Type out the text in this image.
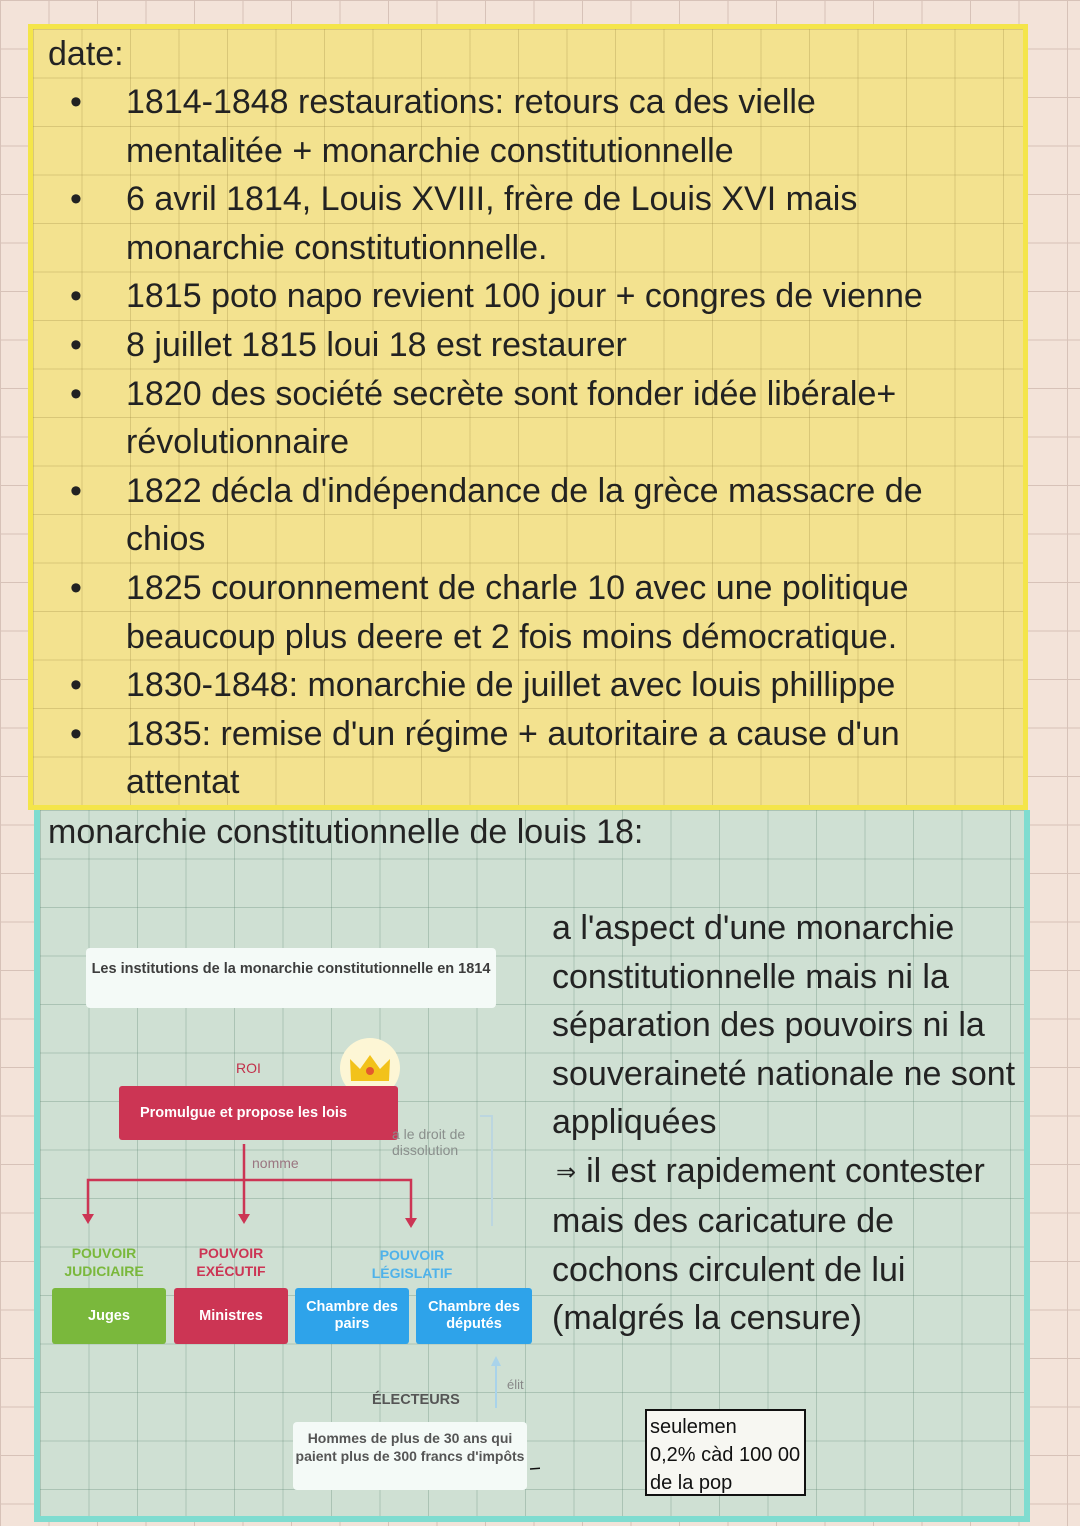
date:
• 1814-1848 restaurations: retours ca des vielle mentalitée + monarchie constitutionnelle
• 6 avril 1814, Louis XVIII, frère de Louis XVI mais monarchie constitutionnelle.
• 1815 poto napo revient 100 jour + congres de vienne
• 8 juillet 1815 loui 18 est restaurer
• 1820 des société secrète sont fonder idée libérale+ révolutionnaire
• 1822 décla d'indépendance de la grèce massacre de chios
• 1825 couronnement de charle 10 avec une politique beaucoup plus deere et 2 fois moins démocratique.
• 1830-1848: monarchie de juillet avec louis phillippe
• 1835: remise d'un régime + autoritaire a cause d'un attentat
monarchie constitutionnelle de louis 18:
a l'aspect d'une monarchie constitutionnelle mais ni la séparation des pouvoirs ni la souveraineté nationale ne sont appliquées
⇒ il est rapidement contester mais des caricature de cochons circulent de lui (malgrés la censure)
Les institutions de la monarchie constitutionnelle en 1814
ROI
Promulgue et propose les lois
a le droit de dissolution
nomme
POUVOIR JUDICIAIRE
POUVOIR EXÉCUTIF
POUVOIR LÉGISLATIF
Juges	Ministres
Chambre des pairs
Chambre des députés
élit
ÉLECTEURS
Hommes de plus de 30 ans qui paient plus de 300 francs d'impôts
seulemen
0,2% càd 100 00
de la pop
